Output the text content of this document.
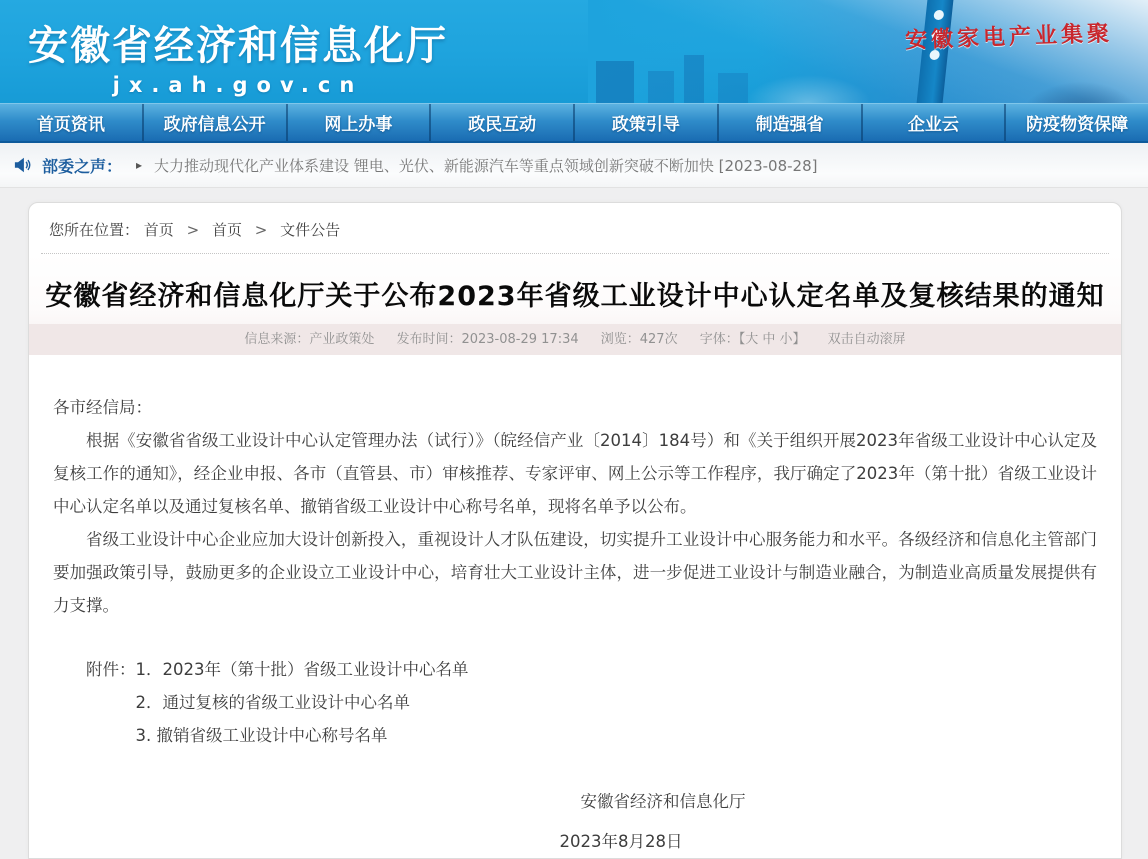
安徽家电产业集聚
安徽省经济和信息化厅
jx.ah.gov.cn
首页资讯	政府信息公开	网上办事	政民互动	政策引导	制造强省	企业云	防疫物资保障
部委之声： ▸ 大力推动现代化产业体系建设 锂电、光伏、新能源汽车等重点领域创新突破不断加快 [2023-08-28]
您所在位置： 首页 > 首页 > 文件公告
安徽省经济和信息化厅关于公布2023年省级工业设计中心认定名单及复核结果的通知
信息来源：产业政策处 发布时间：2023-08-29 17:34 浏览：427次 字体：【大 中 小】 双击自动滚屏
各市经信局：

根据《安徽省省级工业设计中心认定管理办法（试行）》（皖经信产业〔2014〕184号）和《关于组织开展2023年省级工业设计中心认定及复核工作的通知》，经企业申报、各市（直管县、市）审核推荐、专家评审、网上公示等工作程序，我厅确定了2023年（第十批）省级工业设计中心认定名单以及通过复核名单、撤销省级工业设计中心称号名单，现将名单予以公布。

省级工业设计中心企业应加大设计创新投入，重视设计人才队伍建设，切实提升工业设计中心服务能力和水平。各级经济和信息化主管部门要加强政策引导，鼓励更多的企业设立工业设计中心，培育壮大工业设计主体，进一步促进工业设计与制造业融合，为制造业高质量发展提供有力支撑。

附件：1．2023年（第十批）省级工业设计中心名单
2．通过复核的省级工业设计中心名单
3. 撤销省级工业设计中心称号名单
安徽省经济和信息化厅
2023年8月28日
